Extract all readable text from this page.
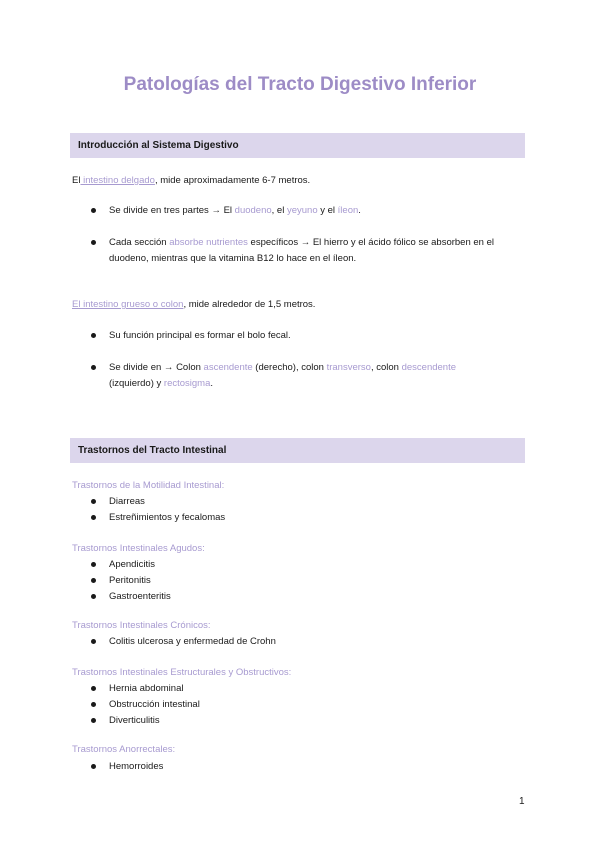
Patologías del Tracto Digestivo Inferior
Introducción al Sistema Digestivo
El intestino delgado, mide aproximadamente 6-7 metros.
Se divide en tres partes → El duodeno, el yeyuno y el íleon.
Cada sección absorbe nutrientes específicos → El hierro y el ácido fólico se absorben en el
duodeno, mientras que la vitamina B12 lo hace en el íleon.
El intestino grueso o colon, mide alrededor de 1,5 metros.
Su función principal es formar el bolo fecal.
Se divide en → Colon ascendente (derecho), colon transverso, colon descendente
(izquierdo) y rectosigma.
Trastornos del Tracto Intestinal
Trastornos de la Motilidad Intestinal:
Diarreas
Estreñimientos y fecalomas
Trastornos Intestinales Agudos:
Apendicitis
Peritonitis
Gastroenteritis
Trastornos Intestinales Crónicos:
Colitis ulcerosa y enfermedad de Crohn
Trastornos Intestinales Estructurales y Obstructivos:
Hernia abdominal
Obstrucción intestinal
Diverticulitis
Trastornos Anorrectales:
Hemorroides
1
